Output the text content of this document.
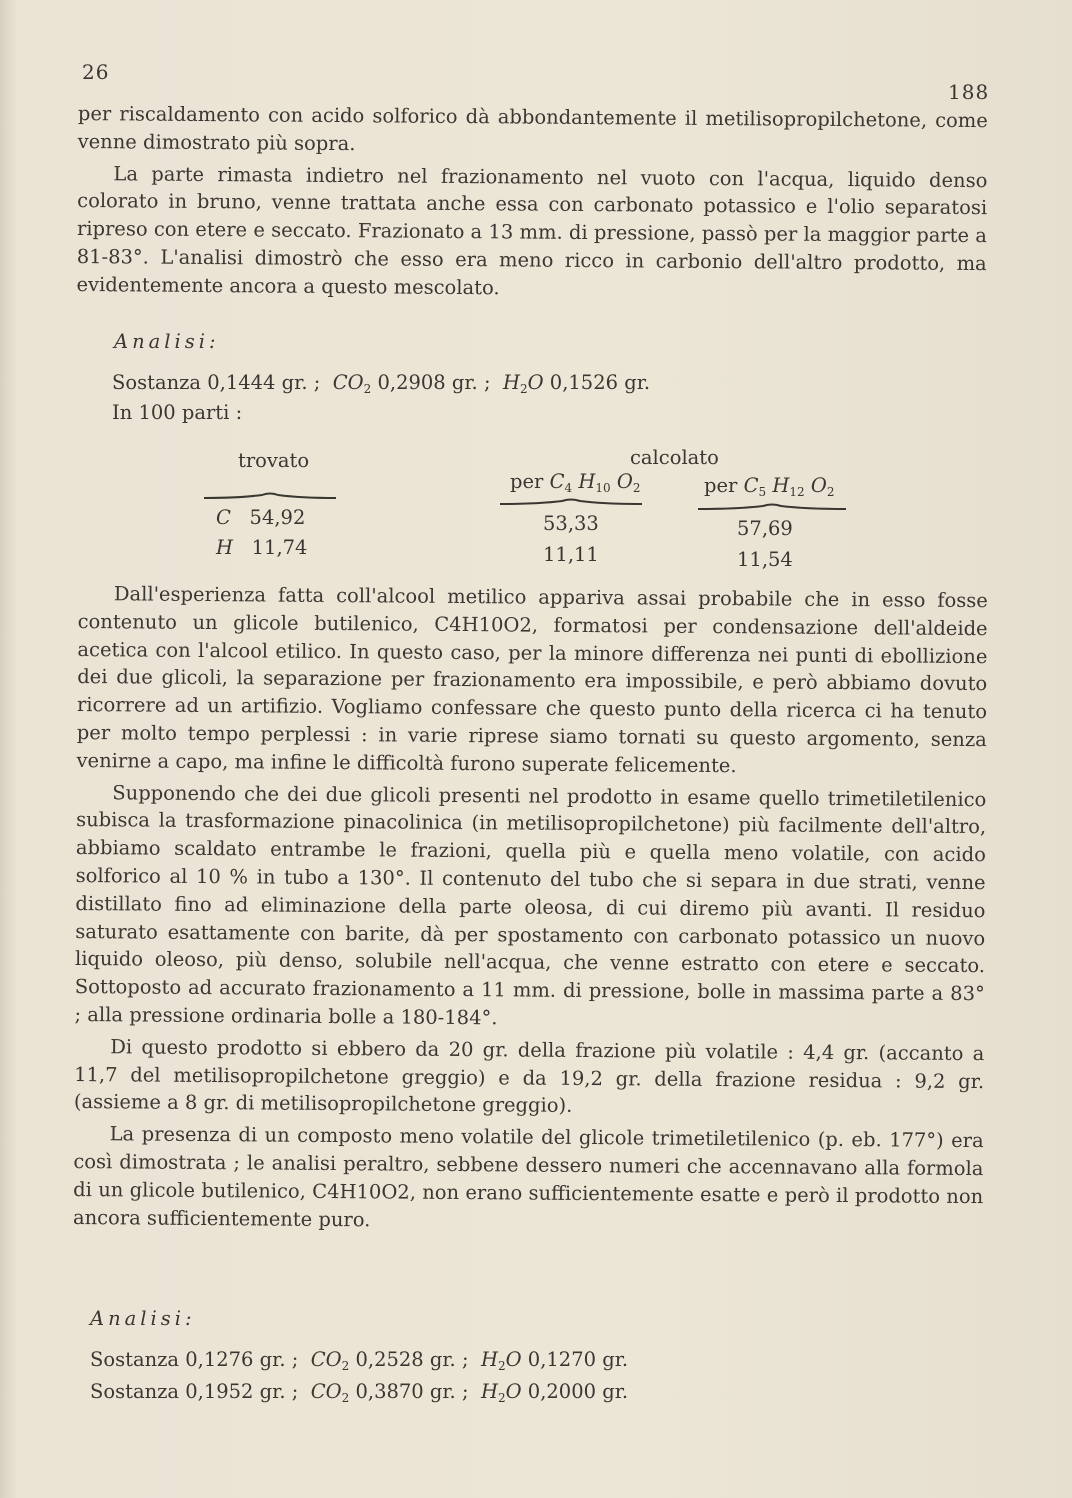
26
188

per riscaldamento con acido solforico dà abbondantemente il metilisopropilchetone, come venne dimostrato più sopra.

La parte rimasta indietro nel frazionamento nel vuoto con l'acqua, liquido denso colorato in bruno, venne trattata anche essa con carbonato potassico e l'olio separatosi ripreso con etere e seccato. Frazionato a 13 mm. di pressione, passò per la maggior parte a 81-83°. L'analisi dimostrò che esso era meno ricco in carbonio dell'altro prodotto, ma evidentemente ancora a questo mescolato.

Analisi:
Sostanza 0,1444 gr. ; $CO_2$ 0,2908 gr. ; $H_2O$ 0,1526 gr.
In 100 parti :
trovato	calcolato
per $C_4$ $H_{10}$ $O_2$	per $C_5$ $H_{12}$ $O_2$
C 54,92	53,33	57,69
H 11,74	11,11	11,54

Dall'esperienza fatta coll'alcool metilico appariva assai probabile che in esso fosse contenuto un glicole butilenico, C4H10O2, formatosi per condensazione dell'aldeide acetica con l'alcool etilico. In questo caso, per la minore differenza nei punti di ebollizione dei due glicoli, la separazione per frazionamento era impossibile, e però abbiamo dovuto ricorrere ad un artifizio. Vogliamo confessare che questo punto della ricerca ci ha tenuto per molto tempo perplessi : in varie riprese siamo tornati su questo argomento, senza venirne a capo, ma infine le difficoltà furono superate felicemente.

Supponendo che dei due glicoli presenti nel prodotto in esame quello trimetiletilenico subisca la trasformazione pinacolinica (in metilisopropilchetone) più facilmente dell'altro, abbiamo scaldato entrambe le frazioni, quella più e quella meno volatile, con acido solforico al 10 % in tubo a 130°. Il contenuto del tubo che si separa in due strati, venne distillato fino ad eliminazione della parte oleosa, di cui diremo più avanti. Il residuo saturato esattamente con barite, dà per spostamento con carbonato potassico un nuovo liquido oleoso, più denso, solubile nell'acqua, che venne estratto con etere e seccato. Sottoposto ad accurato frazionamento a 11 mm. di pressione, bolle in massima parte a 83° ; alla pressione ordinaria bolle a 180-184°.

Di questo prodotto si ebbero da 20 gr. della frazione più volatile : 4,4 gr. (accanto a 11,7 del metilisopropilchetone greggio) e da 19,2 gr. della frazione residua : 9,2 gr. (assieme a 8 gr. di metilisopropilchetone greggio).

La presenza di un composto meno volatile del glicole trimetiletilenico (p. eb. 177°) era così dimostrata ; le analisi peraltro, sebbene dessero numeri che accennavano alla formola di un glicole butilenico, C4H10O2, non erano sufficientemente esatte e però il prodotto non ancora sufficientemente puro.

Analisi:
Sostanza 0,1276 gr. ; $CO_2$ 0,2528 gr. ; $H_2O$ 0,1270 gr.
Sostanza 0,1952 gr. ; $CO_2$ 0,3870 gr. ; $H_2O$ 0,2000 gr.
